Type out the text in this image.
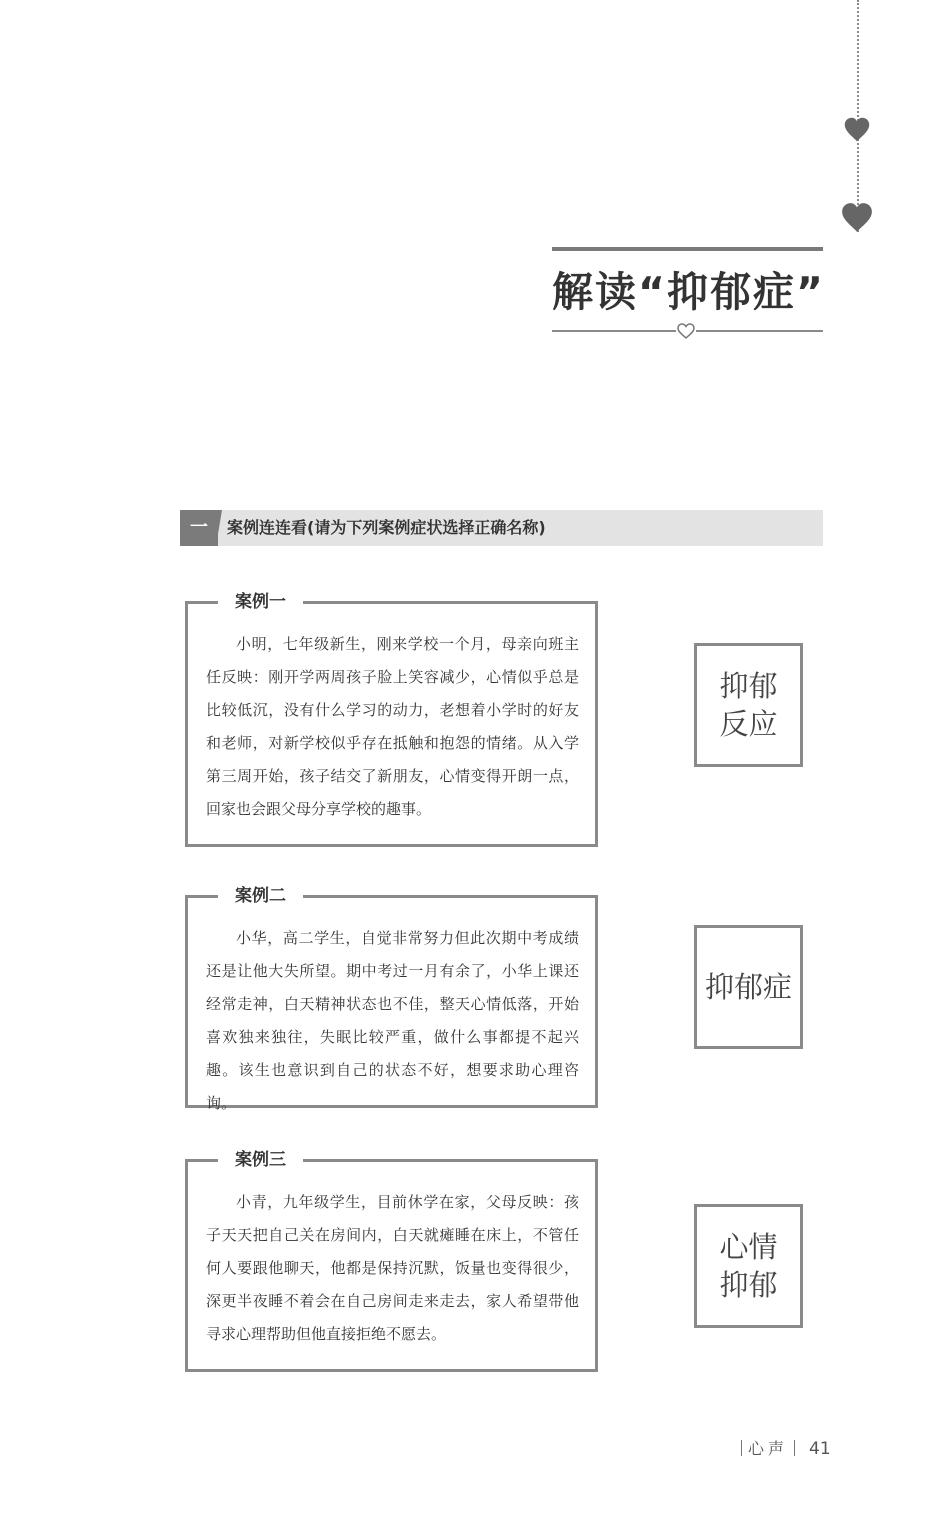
解读“抑郁症”
一	案例连连看(请为下列案例症状选择正确名称)
案例一

小明，七年级新生，刚来学校一个月，母亲向班主任反映：刚开学两周孩子脸上笑容减少，心情似乎总是比较低沉，没有什么学习的动力，老想着小学时的好友和老师，对新学校似乎存在抵触和抱怨的情绪。从入学第三周开始，孩子结交了新朋友，心情变得开朗一点，回家也会跟父母分享学校的趣事。

案例二

小华，高二学生，自觉非常努力但此次期中考成绩还是让他大失所望。期中考过一月有余了，小华上课还经常走神，白天精神状态也不佳，整天心情低落，开始喜欢独来独往，失眠比较严重，做什么事都提不起兴趣。该生也意识到自己的状态不好，想要求助心理咨询。

案例三

小青，九年级学生，目前休学在家，父母反映：孩子天天把自己关在房间内，白天就瘫睡在床上，不管任何人要跟他聊天，他都是保持沉默，饭量也变得很少，深更半夜睡不着会在自己房间走来走去，家人希望带他寻求心理帮助但他直接拒绝不愿去。

抑郁反应
抑郁症
心情抑郁
心声 41
